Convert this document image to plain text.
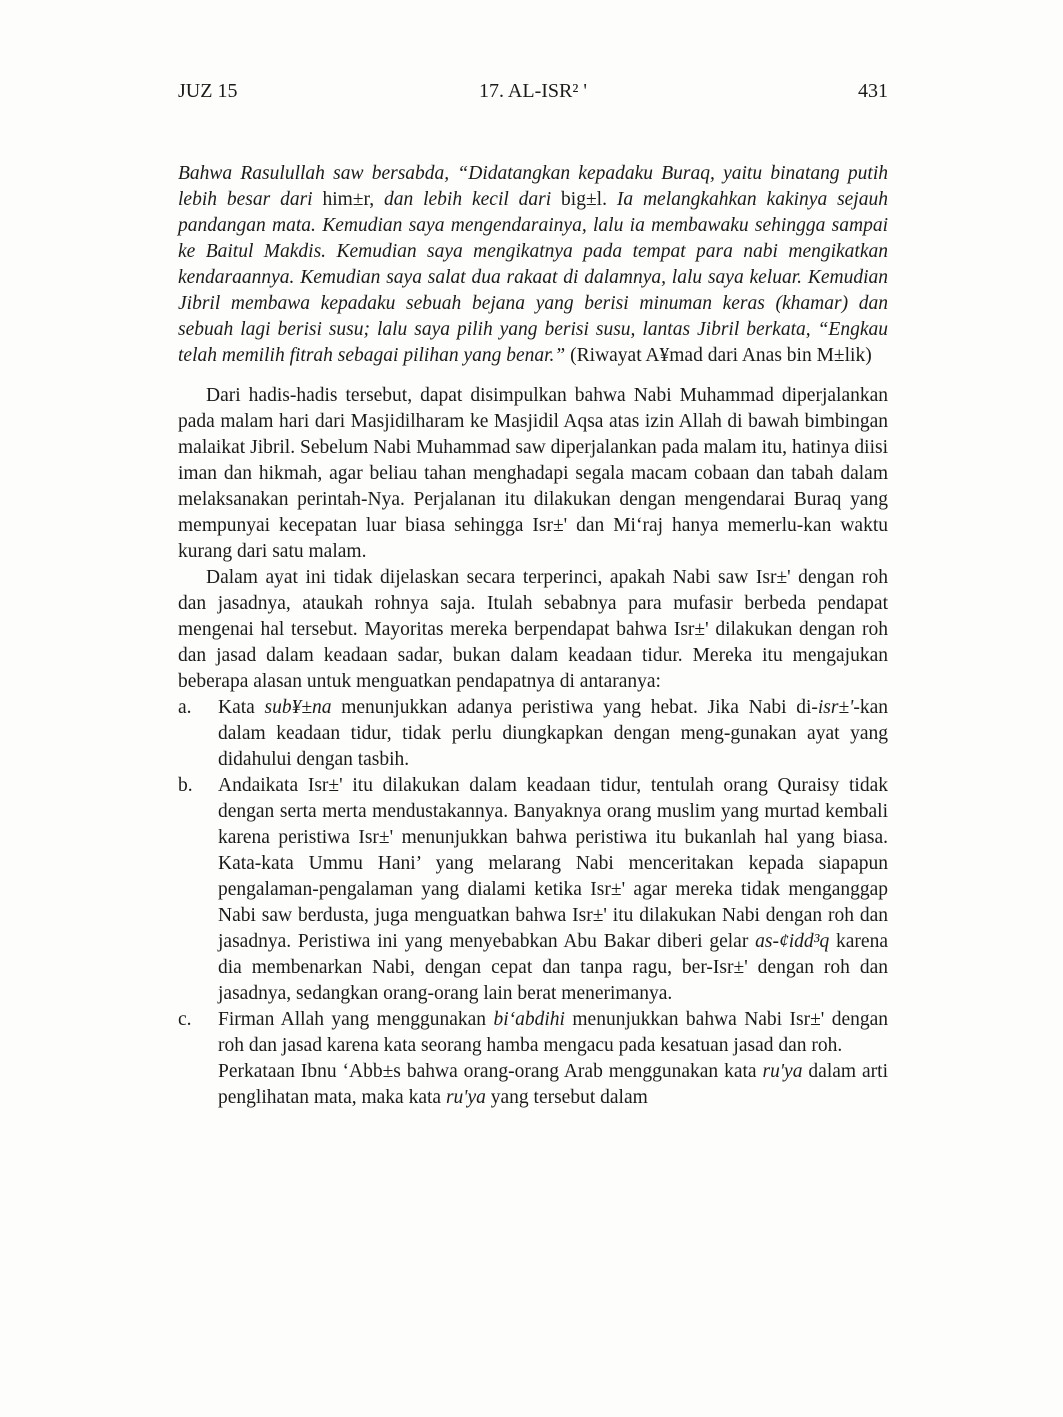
JUZ 15	17. AL-ISR² '	431

Bahwa Rasulullah saw bersabda, “Didatangkan kepadaku Buraq, yaitu binatang putih lebih besar dari him±r, dan lebih kecil dari big±l. Ia melangkahkan kakinya sejauh pandangan mata. Kemudian saya mengendarainya, lalu ia membawaku sehingga sampai ke Baitul Makdis. Kemudian saya mengikatnya pada tempat para nabi mengikatkan kendaraannya. Kemudian saya salat dua rakaat di dalamnya, lalu saya keluar. Kemudian Jibril membawa kepadaku sebuah bejana yang berisi minuman keras (khamar) dan sebuah lagi berisi susu; lalu saya pilih yang berisi susu, lantas Jibril berkata, “Engkau telah memilih fitrah sebagai pilihan yang benar.” (Riwayat A¥mad dari Anas bin M±lik)

Dari hadis-hadis tersebut, dapat disimpulkan bahwa Nabi Muhammad diperjalankan pada malam hari dari Masjidilharam ke Masjidil Aqsa atas izin Allah di bawah bimbingan malaikat Jibril. Sebelum Nabi Muhammad saw diperjalankan pada malam itu, hatinya diisi iman dan hikmah, agar beliau tahan menghadapi segala macam cobaan dan tabah dalam melaksanakan perintah-Nya. Perjalanan itu dilakukan dengan mengendarai Buraq yang mempunyai kecepatan luar biasa sehingga Isr±' dan Mi‘raj hanya memerlu-kan waktu kurang dari satu malam.

Dalam ayat ini tidak dijelaskan secara terperinci, apakah Nabi saw Isr±' dengan roh dan jasadnya, ataukah rohnya saja. Itulah sebabnya para mufasir berbeda pendapat mengenai hal tersebut. Mayoritas mereka berpendapat bahwa Isr±' dilakukan dengan roh dan jasad dalam keadaan sadar, bukan dalam keadaan tidur. Mereka itu mengajukan beberapa alasan untuk menguatkan pendapatnya di antaranya:

a. Kata sub¥±na menunjukkan adanya peristiwa yang hebat. Jika Nabi di-isr±'-kan dalam keadaan tidur, tidak perlu diungkapkan dengan meng-gunakan ayat yang didahului dengan tasbih.

b. Andaikata Isr±' itu dilakukan dalam keadaan tidur, tentulah orang Quraisy tidak dengan serta merta mendustakannya. Banyaknya orang muslim yang murtad kembali karena peristiwa Isr±' menunjukkan bahwa peristiwa itu bukanlah hal yang biasa. Kata-kata Ummu Hani’ yang melarang Nabi menceritakan kepada siapapun pengalaman-pengalaman yang dialami ketika Isr±' agar mereka tidak menganggap Nabi saw berdusta, juga menguatkan bahwa Isr±' itu dilakukan Nabi dengan roh dan jasadnya. Peristiwa ini yang menyebabkan Abu Bakar diberi gelar as-¢idd³q karena dia membenarkan Nabi, dengan cepat dan tanpa ragu, ber-Isr±' dengan roh dan jasadnya, sedangkan orang-orang lain berat menerimanya.

c. Firman Allah yang menggunakan bi‘abdihi menunjukkan bahwa Nabi Isr±' dengan roh dan jasad karena kata seorang hamba mengacu pada kesatuan jasad dan roh.

Perkataan Ibnu ‘Abb±s bahwa orang-orang Arab menggunakan kata ru'ya dalam arti penglihatan mata, maka kata ru'ya yang tersebut dalam
